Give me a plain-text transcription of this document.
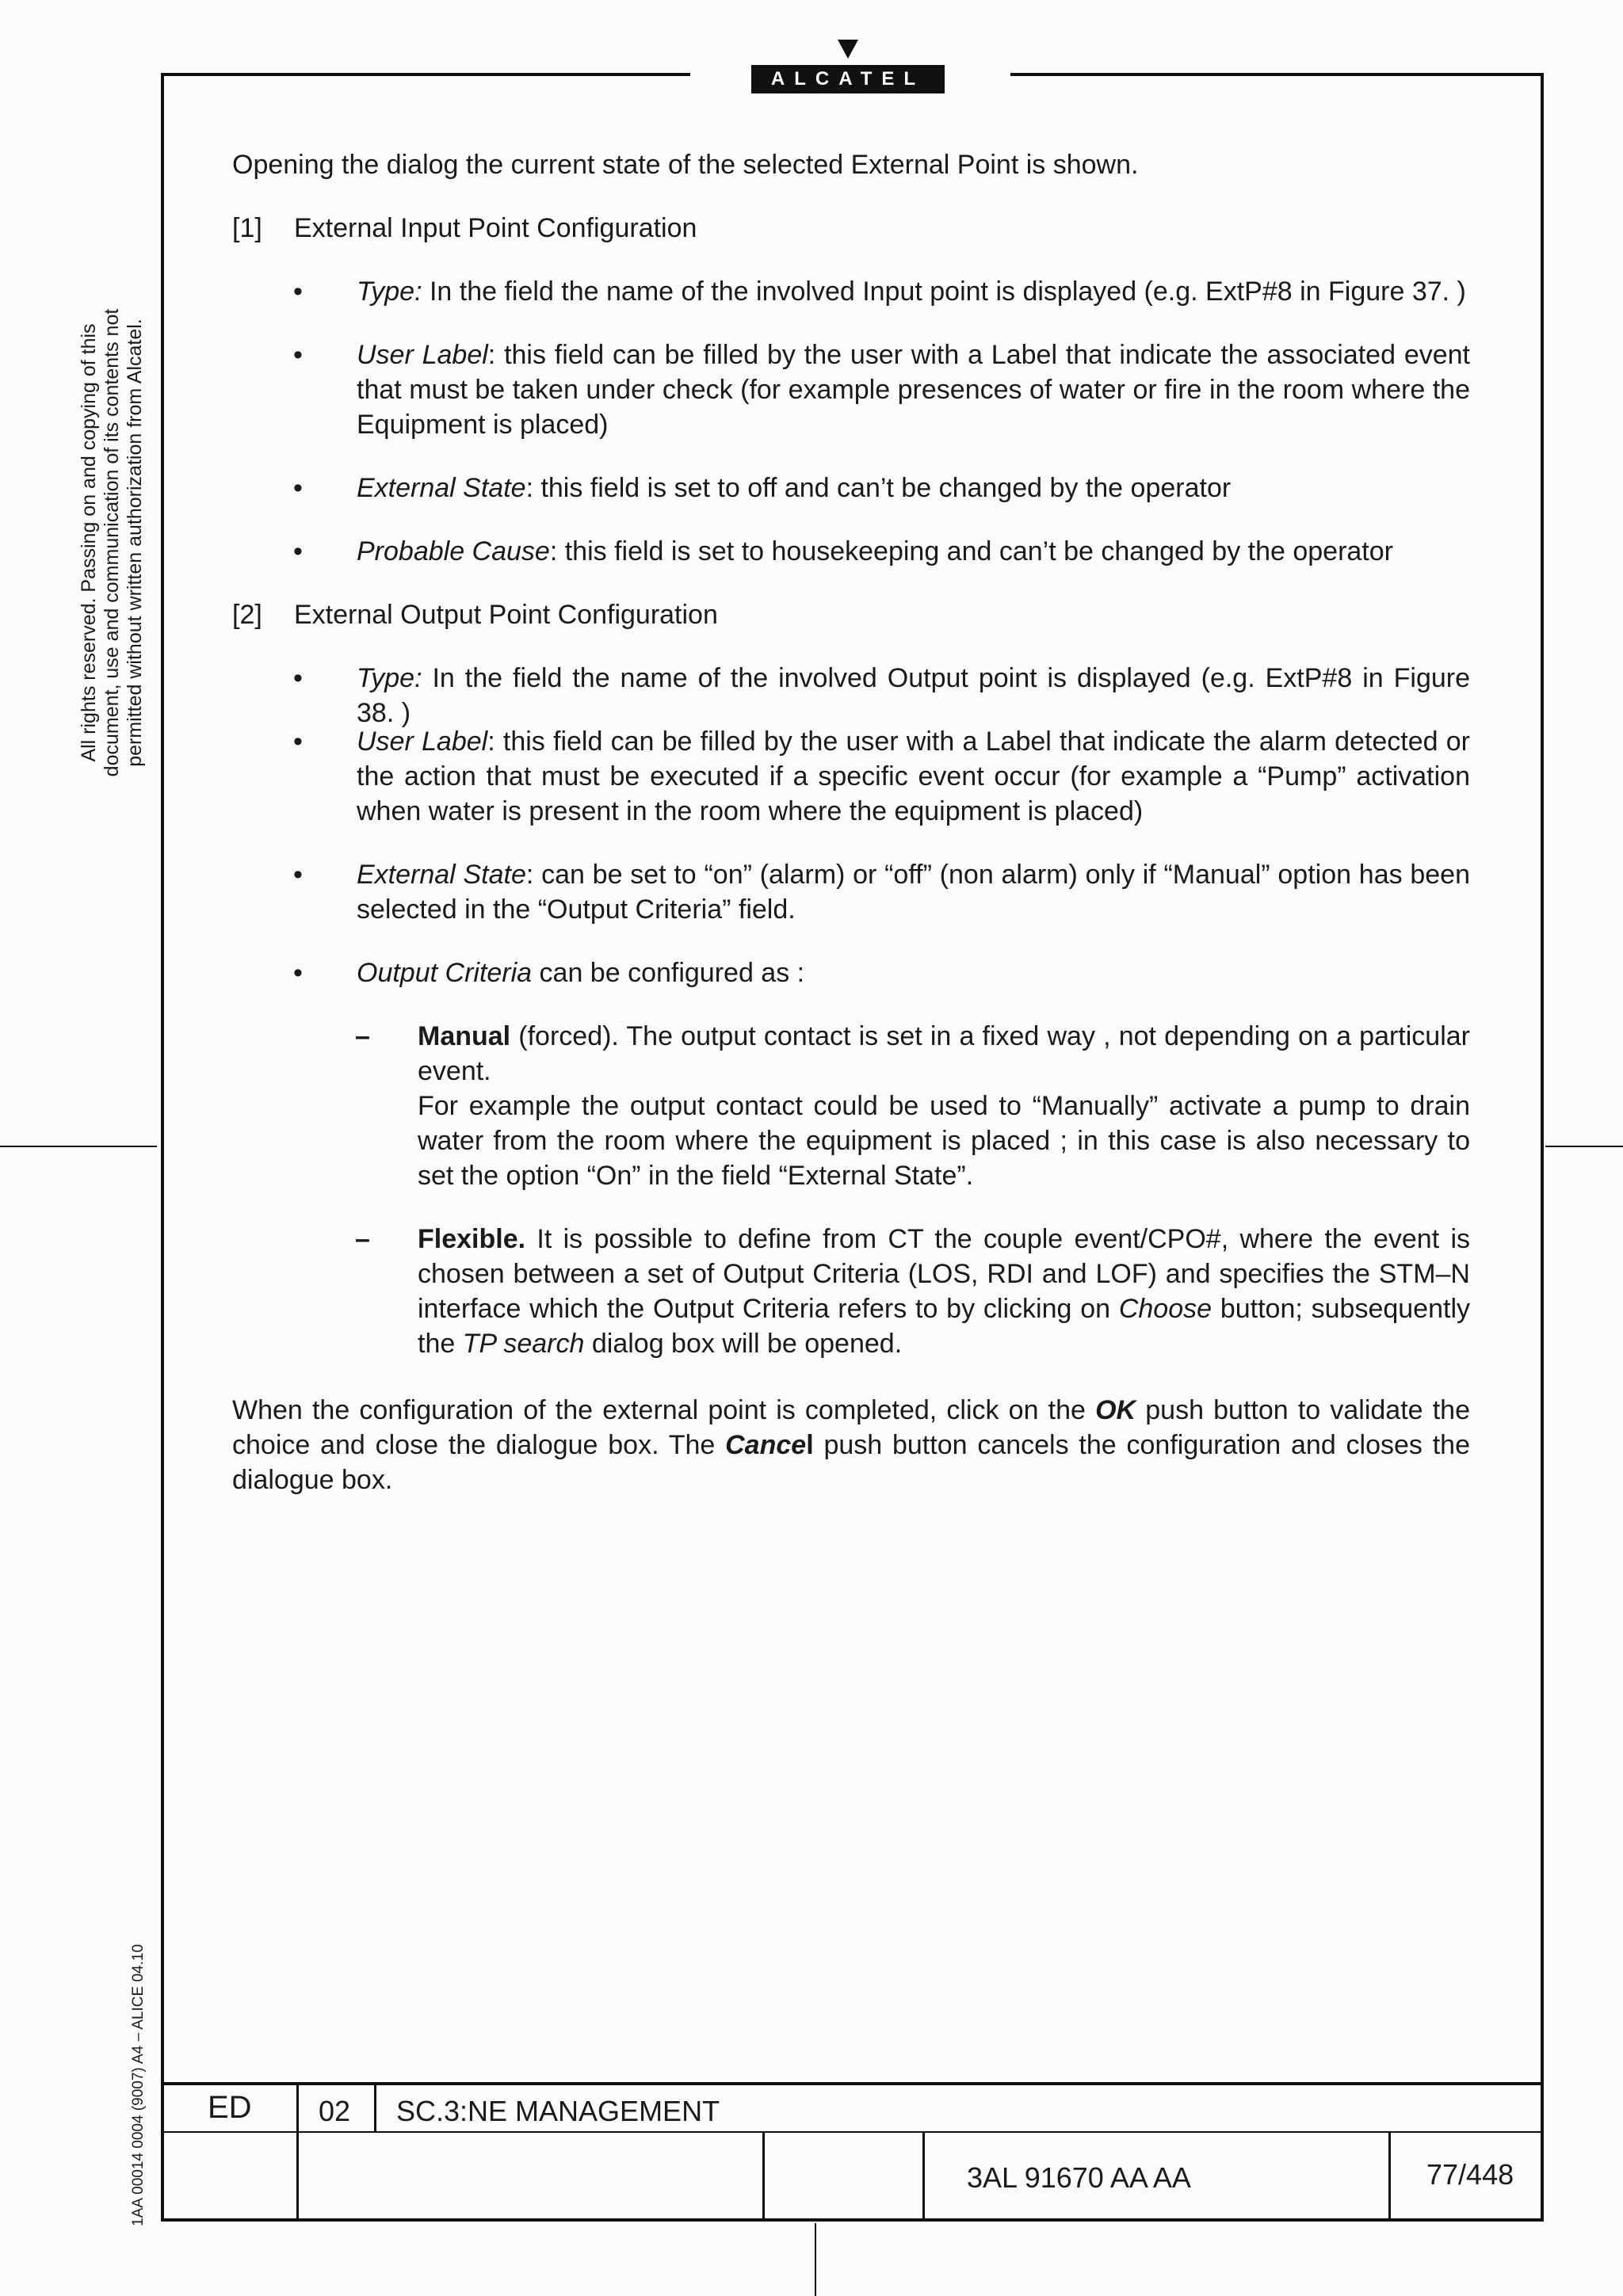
ALCATEL
All rights reserved. Passing on and copying of this document, use and communication of its contents not permitted without written authorization from Alcatel.
1AA 00014 0004 (9007) A4 – ALICE 04.10
Opening the dialog the current state of the selected External Point is shown.
[1] External Input Point Configuration
• Type: In the field the name of the involved Input point is displayed (e.g. ExtP#8 in Figure 37. )
• User Label: this field can be filled by the user with a Label that indicate the associated event that must be taken under check (for example presences of water or fire in the room where the Equipment is placed)
• External State: this field is set to off and can’t be changed by the operator
• Probable Cause: this field is set to housekeeping and can’t be changed by the operator
[2] External Output Point Configuration
• Type: In the field the name of the involved Output point is displayed (e.g. ExtP#8 in Figure 38. )
• User Label: this field can be filled by the user with a Label that indicate the alarm detected or the action that must be executed if a specific event occur (for example a “Pump” activation when water is present in the room where the equipment is placed)
• External State: can be set to “on” (alarm) or “off” (non alarm) only if “Manual” option has been selected in the “Output Criteria” field.
• Output Criteria can be configured as :
– Manual (forced). The output contact is set in a fixed way , not depending on a particular event.
For example the output contact could be used to “Manually” activate a pump to drain water from the room where the equipment is placed ; in this case is also necessary to set the option “On” in the field “External State”.
– Flexible. It is possible to define from CT the couple event/CPO#, where the event is chosen between a set of Output Criteria (LOS, RDI and LOF) and specifies the STM–N interface which the Output Criteria refers to by clicking on Choose button; subsequently the TP search dialog box will be opened.
When the configuration of the external point is completed, click on the OK push button to validate the choice and close the dialogue box. The Cancel push button cancels the configuration and closes the dialogue box.
ED 02 SC.3:NE MANAGEMENT
3AL 91670 AA AA	77/448
